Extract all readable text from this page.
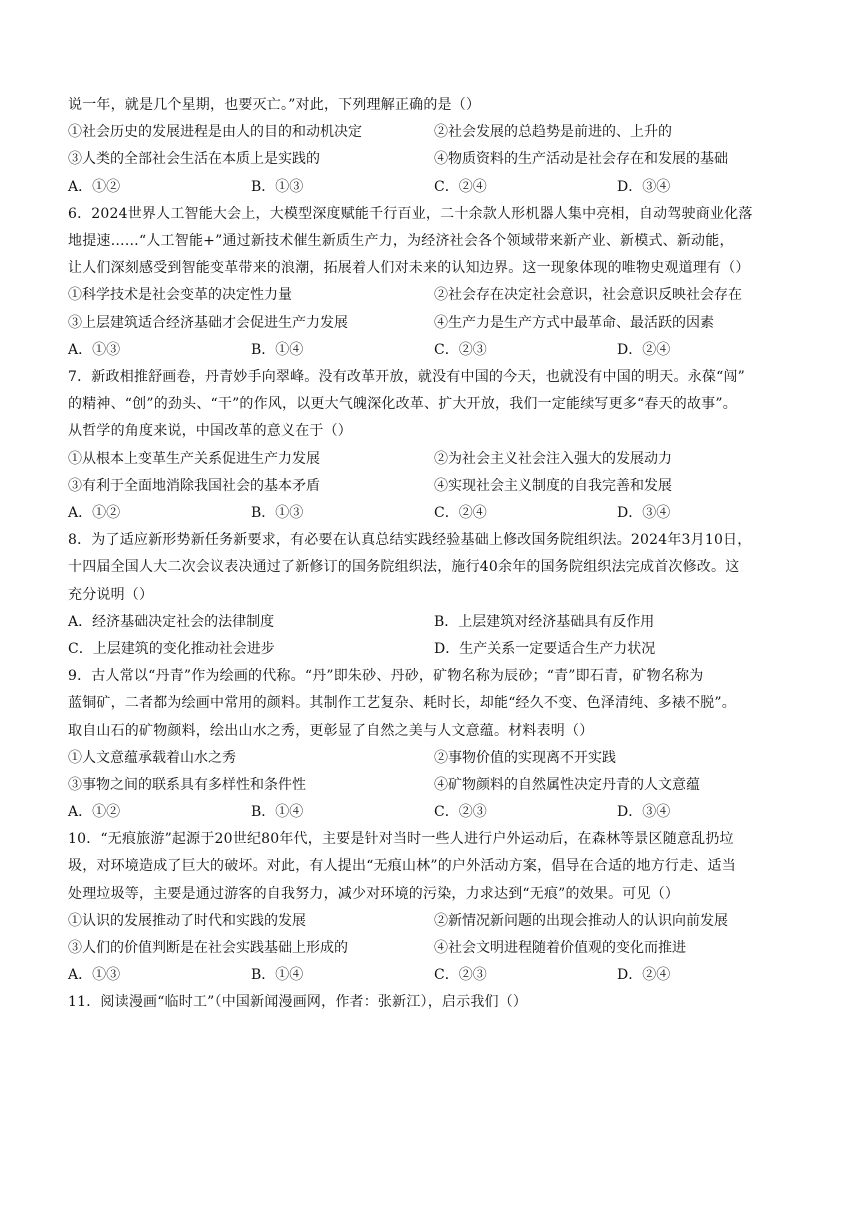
说一年，就是几个星期，也要灭亡。”对此，下列理解正确的是（）
①社会历史的发展进程是由人的目的和动机决定	②社会发展的总趋势是前进的、上升的
③人类的全部社会生活在本质上是实践的	④物质资料的生产活动是社会存在和发展的基础
A．①②	B．①③	C．②④	D．③④
6．2024世界人工智能大会上，大模型深度赋能千行百业，二十余款人形机器人集中亮相，自动驾驶商业化落
地提速……“人工智能+”通过新技术催生新质生产力，为经济社会各个领域带来新产业、新模式、新动能，
让人们深刻感受到智能变革带来的浪潮，拓展着人们对未来的认知边界。这一现象体现的唯物史观道理有（）
①科学技术是社会变革的决定性力量	②社会存在决定社会意识，社会意识反映社会存在
③上层建筑适合经济基础才会促进生产力发展	④生产力是生产方式中最革命、最活跃的因素
A．①③	B．①④	C．②③	D．②④
7．新政相推舒画卷，丹青妙手向翠峰。没有改革开放，就没有中国的今天，也就没有中国的明天。永葆“闯”
的精神、“创”的劲头、“干”的作风，以更大气魄深化改革、扩大开放，我们一定能续写更多“春天的故事”。
从哲学的角度来说，中国改革的意义在于（）
①从根本上变革生产关系促进生产力发展	②为社会主义社会注入强大的发展动力
③有利于全面地消除我国社会的基本矛盾	④实现社会主义制度的自我完善和发展
A．①②	B．①③	C．②④	D．③④
8．为了适应新形势新任务新要求，有必要在认真总结实践经验基础上修改国务院组织法。2024年3月10日，
十四届全国人大二次会议表决通过了新修订的国务院组织法，施行40余年的国务院组织法完成首次修改。这
充分说明（）
A．经济基础决定社会的法律制度	B．上层建筑对经济基础具有反作用
C．上层建筑的变化推动社会进步	D．生产关系一定要适合生产力状况
9．古人常以“丹青”作为绘画的代称。“丹”即朱砂、丹砂，矿物名称为辰砂；“青”即石青，矿物名称为
蓝铜矿，二者都为绘画中常用的颜料。其制作工艺复杂、耗时长，却能“经久不变、色泽清纯、多裱不脱”。
取自山石的矿物颜料，绘出山水之秀，更彰显了自然之美与人文意蕴。材料表明（）
①人文意蕴承载着山水之秀	②事物价值的实现离不开实践
③事物之间的联系具有多样性和条件性	④矿物颜料的自然属性决定丹青的人文意蕴
A．①②	B．①④	C．②③	D．③④
10．“无痕旅游”起源于20世纪80年代，主要是针对当时一些人进行户外运动后，在森林等景区随意乱扔垃
圾，对环境造成了巨大的破坏。对此，有人提出“无痕山林”的户外活动方案，倡导在合适的地方行走、适当
处理垃圾等，主要是通过游客的自我努力，减少对环境的污染，力求达到“无痕”的效果。可见（）
①认识的发展推动了时代和实践的发展	②新情况新问题的出现会推动人的认识向前发展
③人们的价值判断是在社会实践基础上形成的	④社会文明进程随着价值观的变化而推进
A．①③	B．①④	C．②③	D．②④
11．阅读漫画“临时工”（中国新闻漫画网，作者：张新江），启示我们（）
